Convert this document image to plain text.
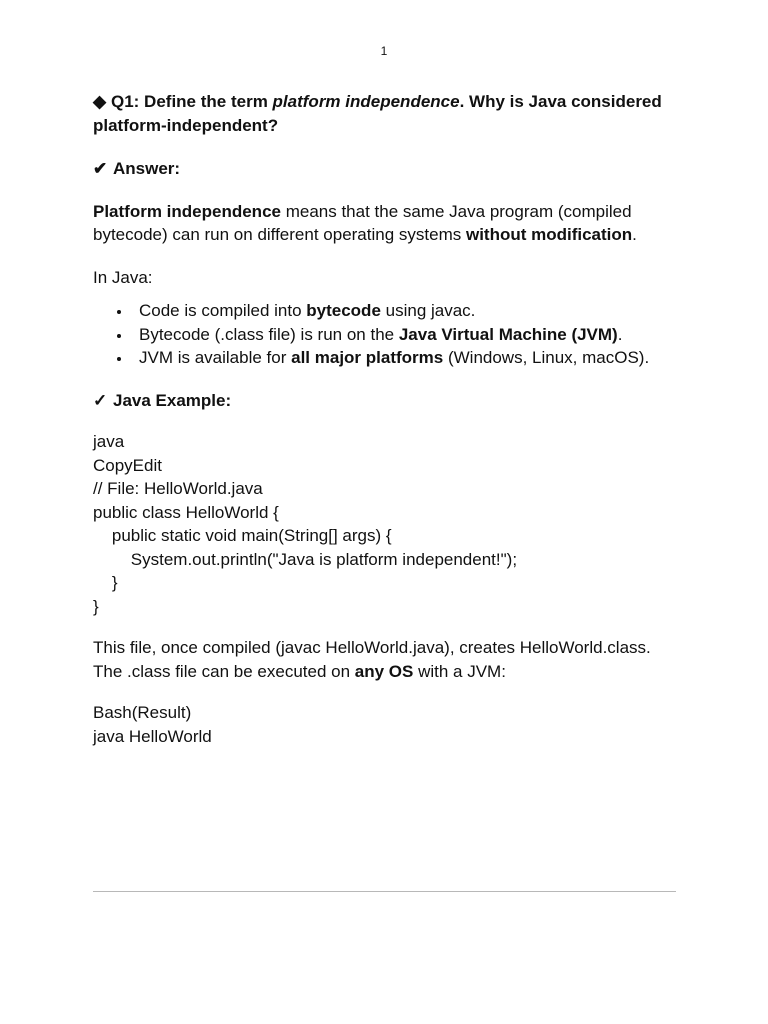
1

◆ Q1: Define the term platform independence. Why is Java considered platform-independent?

✔ Answer:

Platform independence means that the same Java program (compiled bytecode) can run on different operating systems without modification.

In Java:

Code is compiled into bytecode using javac.
Bytecode (.class file) is run on the Java Virtual Machine (JVM).
JVM is available for all major platforms (Windows, Linux, macOS).

✓ Java Example:

java
CopyEdit
// File: HelloWorld.java
public class HelloWorld {
public static void main(String[] args) {
System.out.println("Java is platform independent!");
}
}

This file, once compiled (javac HelloWorld.java), creates HelloWorld.class.

The .class file can be executed on any OS with a JVM:

Bash(Result)
java HelloWorld
